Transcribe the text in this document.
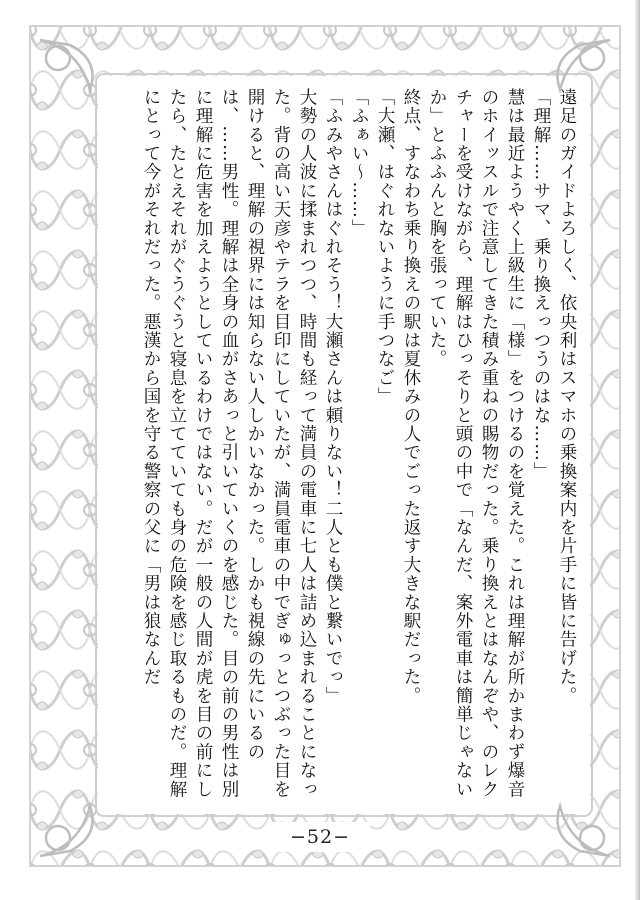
遠足のガイドよろしく、依央利はスマホの乗換案内を片手に皆に告げた。

「理解……サマ、乗り換えっつうのはな……」

慧は最近ようやく上級生に「様」をつけるのを覚えた。これは理解が所かまわず爆音のホイッスルで注意してきた積み重ねの賜物だった。乗り換えとはなんぞや、のレクチャーを受けながら、理解はひっそりと頭の中で「なんだ、案外電車は簡単じゃないか」とふふんと胸を張っていた。

終点、すなわち乗り換えの駅は夏休みの人でごった返す大きな駅だった。

「大瀬、はぐれないように手つなご」

「ふぁい〜……」

「ふみやさんはぐれそう！大瀬さんは頼りない！二人とも僕と繋いでっ」

大勢の人波に揉まれつつ、時間も経って満員の電車に七人は詰め込まれることになった。背の高い天彦やテラを目印にしていたが、満員電車の中でぎゅっとつぶった目を開けると、理解の視界には知らない人しかいなかった。しかも視線の先にいるのは、……男性。理解は全身の血がさあっと引いていくのを感じた。目の前の男性は別に理解に危害を加えようとしているわけではない。だが一般の人間が虎を目の前にしたら、たとえそれがぐうぐうと寝息を立てていても身の危険を感じ取るものだ。理解にとって今がそれだった。悪漢から国を守る警察の父に「男は狼なんだ

−52−
